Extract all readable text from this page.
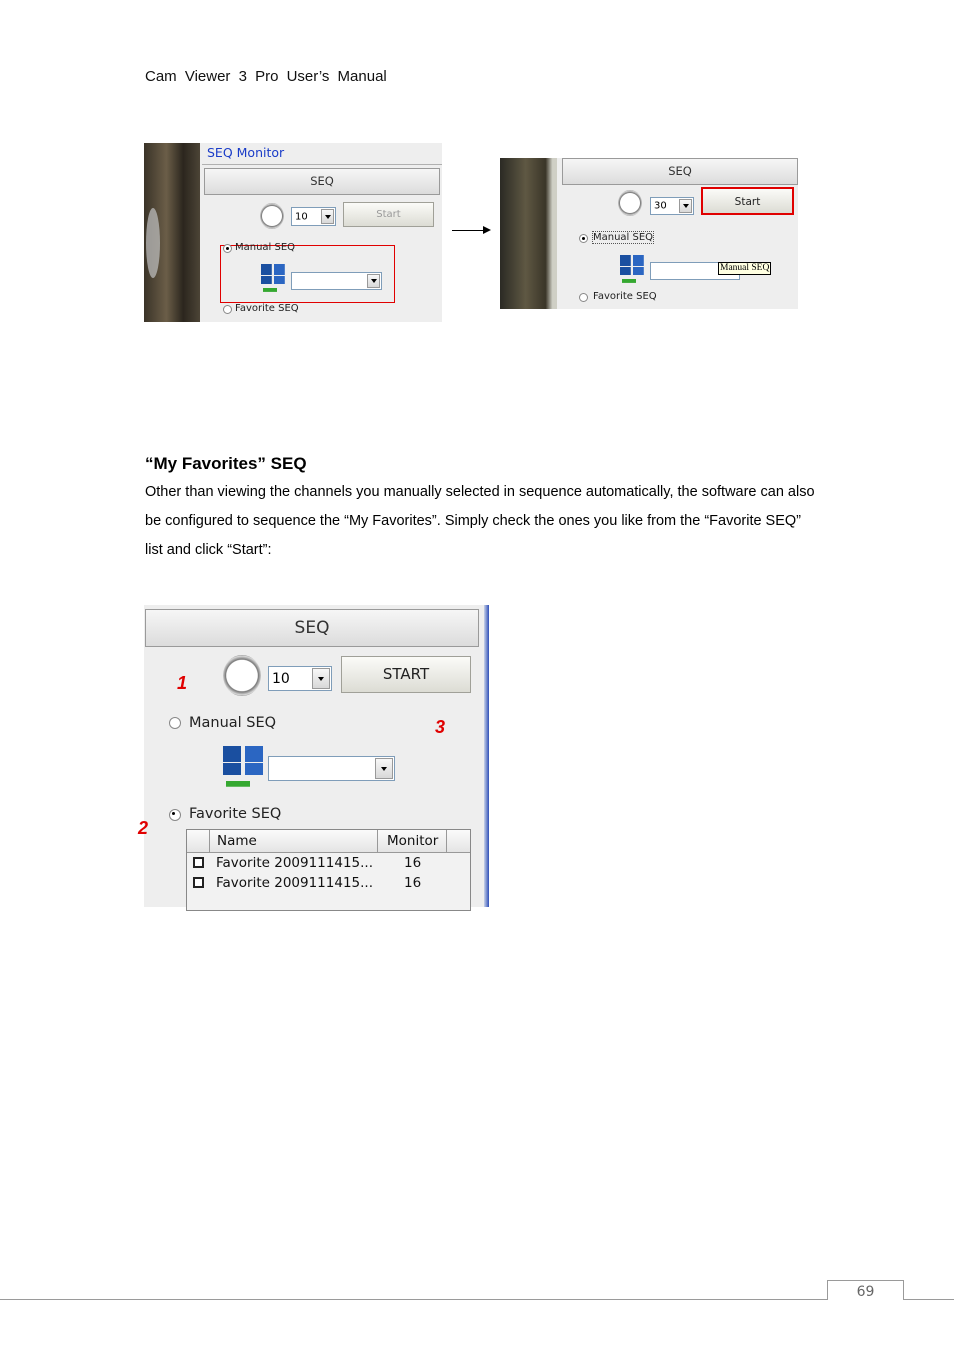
Cam Viewer 3 Pro User’s Manual
SEQ Monitor
SEQ
10	Start
Manual SEQ
Favorite SEQ
SEQ
30	Start
Manual SEQ
Manual SEQ
Favorite SEQ
“My Favorites” SEQ
Other than viewing the channels you manually selected in sequence automatically, the software can also be configured to sequence the “My Favorites”. Simply check the ones you like from the “Favorite SEQ” list and click “Start”:
SEQ
10	START
1
Manual SEQ	3
Favorite SEQ
2
Name	Monitor
Favorite 2009111415... 16
Favorite 2009111415... 16
69
